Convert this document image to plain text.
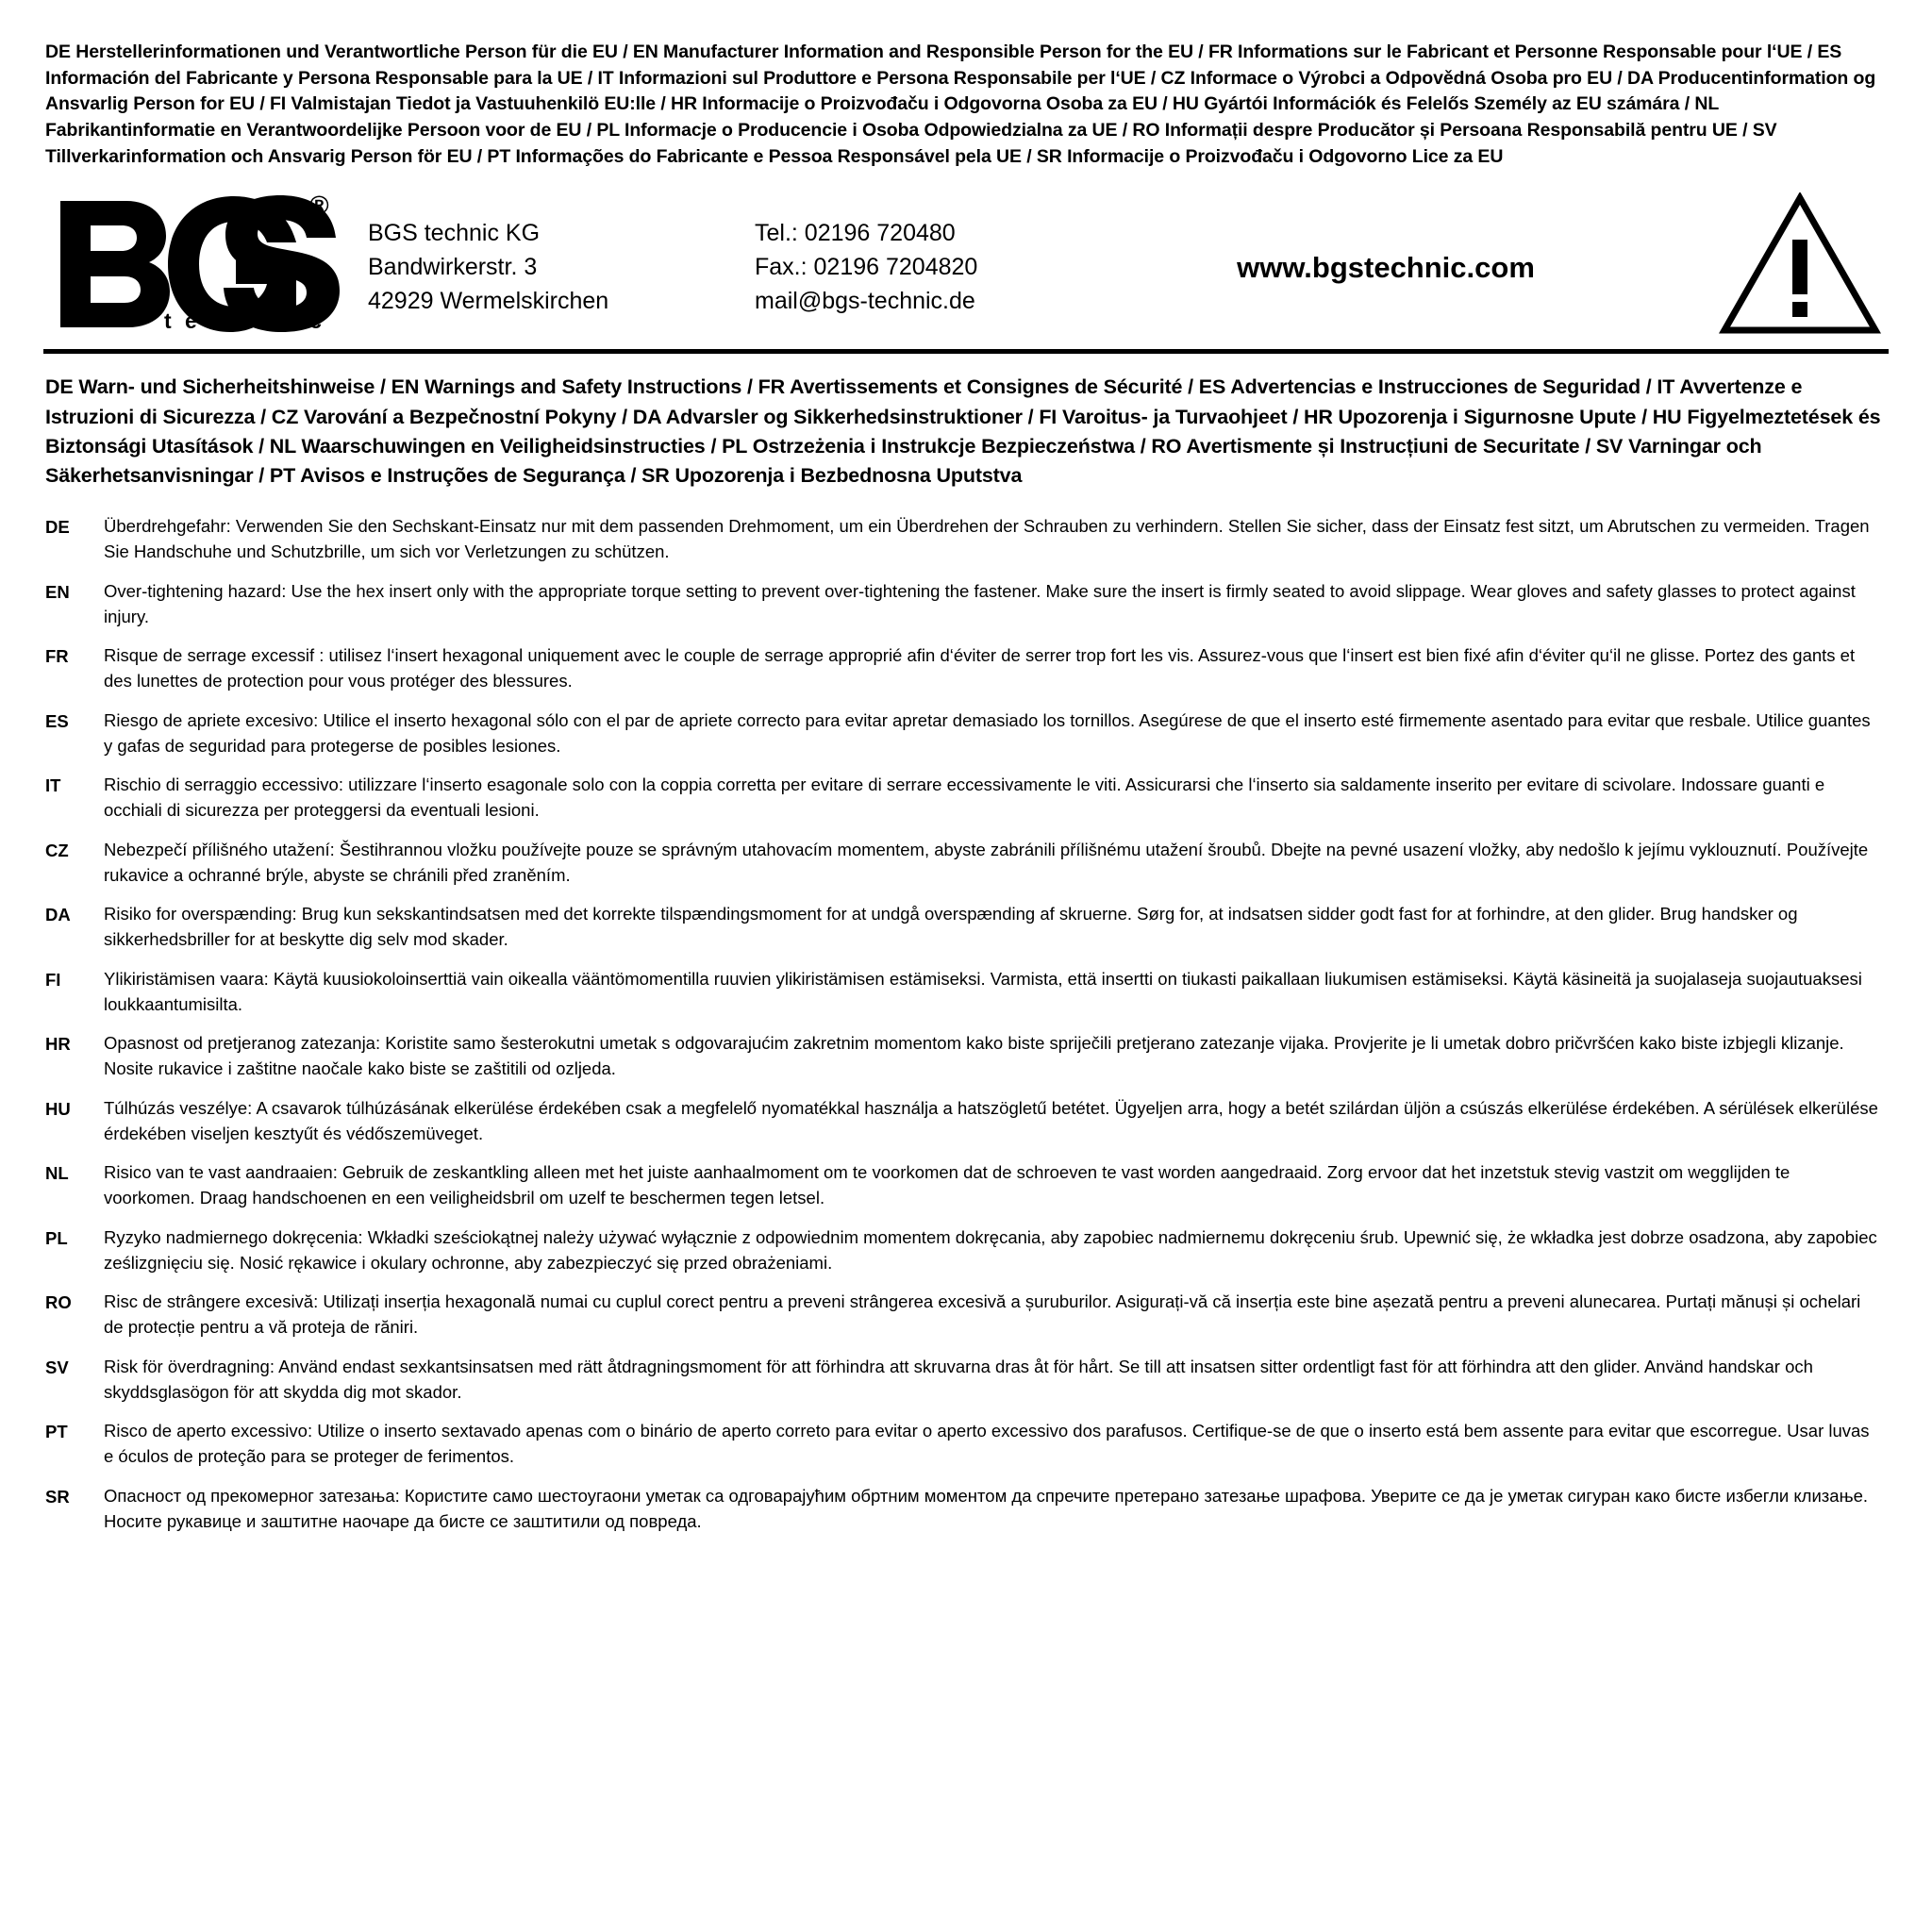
DE Herstellerinformationen und Verantwortliche Person für die EU / EN Manufacturer Information and Responsible Person for the EU / FR Informations sur le Fabricant et Personne Responsable pour l‘UE / ES Información del Fabricante y Persona Responsable para la UE / IT Informazioni sul Produttore e Persona Responsabile per l‘UE / CZ Informace o Výrobci a Odpovědná Osoba pro EU / DA Producentinformation og Ansvarlig Person for EU / FI Valmistajan Tiedot ja Vastuuhenkilö EU:lle / HR Informacije o Proizvođaču i Odgovorna Osoba za EU / HU Gyártói Információk és Felelős Személy az EU számára / NL Fabrikantinformatie en Verantwoordelijke Persoon voor de EU / PL Informacje o Producencie i Osoba Odpowiedzialna za UE / RO Informații despre Producător și Persoana Responsabilă pentru UE / SV Tillverkarinformation och Ansvarig Person för EU / PT Informações do Fabricante e Pessoa Responsável pela UE / SR Informacije o Proizvođaču i Odgovorno Lice za EU
®
t e c h n i c
BGS technic KG
Bandwirkerstr. 3
42929 Wermelskirchen
Tel.: 02196 720480
Fax.: 02196 7204820
mail@bgs-technic.de
www.bgstechnic.com
DE Warn- und Sicherheitshinweise / EN Warnings and Safety Instructions / FR Avertissements et Consignes de Sécurité / ES Advertencias e Instrucciones de Seguridad / IT Avvertenze e Istruzioni di Sicurezza / CZ Varování a Bezpečnostní Pokyny / DA Advarsler og Sikkerhedsinstruktioner / FI Varoitus- ja Turvaohjeet / HR Upozorenja i Sigurnosne Upute / HU Figyelmeztetések és Biztonsági Utasítások / NL Waarschuwingen en Veiligheidsinstructies / PL Ostrzeżenia i Instrukcje Bezpieczeństwa / RO Avertismente și Instrucțiuni de Securitate / SV Varningar och Säkerhetsanvisningar / PT Avisos e Instruções de Segurança / SR Upozorenja i Bezbednosna Uputstva
DE	Überdrehgefahr: Verwenden Sie den Sechskant-Einsatz nur mit dem passenden Drehmoment, um ein Überdrehen der Schrauben zu verhindern. Stellen Sie sicher, dass der Einsatz fest sitzt, um Abrutschen zu vermeiden. Tragen Sie Handschuhe und Schutzbrille, um sich vor Verletzungen zu schützen.
EN	Over-tightening hazard: Use the hex insert only with the appropriate torque setting to prevent over-tightening the fastener. Make sure the insert is firmly seated to avoid slippage. Wear gloves and safety glasses to protect against injury.
FR	Risque de serrage excessif : utilisez l‘insert hexagonal uniquement avec le couple de serrage approprié afin d‘éviter de serrer trop fort les vis. Assurez-vous que l‘insert est bien fixé afin d‘éviter qu‘il ne glisse. Portez des gants et des lunettes de protection pour vous protéger des blessures.
ES	Riesgo de apriete excesivo: Utilice el inserto hexagonal sólo con el par de apriete correcto para evitar apretar demasiado los tornillos. Asegúrese de que el inserto esté firmemente asentado para evitar que resbale. Utilice guantes y gafas de seguridad para protegerse de posibles lesiones.
IT	Rischio di serraggio eccessivo: utilizzare l‘inserto esagonale solo con la coppia corretta per evitare di serrare eccessivamente le viti. Assicurarsi che l‘inserto sia saldamente inserito per evitare di scivolare. Indossare guanti e occhiali di sicurezza per proteggersi da eventuali lesioni.
CZ	Nebezpečí přílišného utažení: Šestihrannou vložku používejte pouze se správným utahovacím momentem, abyste zabránili přílišnému utažení šroubů. Dbejte na pevné usazení vložky, aby nedošlo k jejímu vyklouznutí. Používejte rukavice a ochranné brýle, abyste se chránili před zraněním.
DA	Risiko for overspænding: Brug kun sekskantindsatsen med det korrekte tilspændingsmoment for at undgå overspænding af skruerne. Sørg for, at indsatsen sidder godt fast for at forhindre, at den glider. Brug handsker og sikkerhedsbriller for at beskytte dig selv mod skader.
FI	Ylikiristämisen vaara: Käytä kuusiokoloinserttiä vain oikealla vääntömomentilla ruuvien ylikiristämisen estämiseksi. Varmista, että insertti on tiukasti paikallaan liukumisen estämiseksi. Käytä käsineitä ja suojalaseja suojautuaksesi loukkaantumisilta.
HR	Opasnost od pretjeranog zatezanja: Koristite samo šesterokutni umetak s odgovarajućim zakretnim momentom kako biste spriječili pretjerano zatezanje vijaka. Provjerite je li umetak dobro pričvršćen kako biste izbjegli klizanje. Nosite rukavice i zaštitne naočale kako biste se zaštitili od ozljeda.
HU	Túlhúzás veszélye: A csavarok túlhúzásának elkerülése érdekében csak a megfelelő nyomatékkal használja a hatszögletű betétet. Ügyeljen arra, hogy a betét szilárdan üljön a csúszás elkerülése érdekében. A sérülések elkerülése érdekében viseljen kesztyűt és védőszemüveget.
NL	Risico van te vast aandraaien: Gebruik de zeskantkling alleen met het juiste aanhaalmoment om te voorkomen dat de schroeven te vast worden aangedraaid. Zorg ervoor dat het inzetstuk stevig vastzit om wegglijden te voorkomen. Draag handschoenen en een veiligheidsbril om uzelf te beschermen tegen letsel.
PL	Ryzyko nadmiernego dokręcenia: Wkładki sześciokątnej należy używać wyłącznie z odpowiednim momentem dokręcania, aby zapobiec nadmiernemu dokręceniu śrub. Upewnić się, że wkładka jest dobrze osadzona, aby zapobiec ześlizgnięciu się. Nosić rękawice i okulary ochronne, aby zabezpieczyć się przed obrażeniami.
RO	Risc de strângere excesivă: Utilizați inserția hexagonală numai cu cuplul corect pentru a preveni strângerea excesivă a șuruburilor. Asigurați-vă că inserția este bine așezată pentru a preveni alunecarea. Purtați mănuși și ochelari de protecție pentru a vă proteja de răniri.
SV	Risk för överdragning: Använd endast sexkantsinsatsen med rätt åtdragningsmoment för att förhindra att skruvarna dras åt för hårt. Se till att insatsen sitter ordentligt fast för att förhindra att den glider. Använd handskar och skyddsglasögon för att skydda dig mot skador.
PT	Risco de aperto excessivo: Utilize o inserto sextavado apenas com o binário de aperto correto para evitar o aperto excessivo dos parafusos. Certifique-se de que o inserto está bem assente para evitar que escorregue. Usar luvas e óculos de proteção para se proteger de ferimentos.
SR	Опасност од прекомерног затезања: Користите само шестоугаони уметак са одговарајућим обртним моментом да спречите претерано затезање шрафова. Уверите се да је уметак сигуран како бисте избегли клизање. Носите рукавице и заштитне наочаре да бисте се заштитили од повреда.
